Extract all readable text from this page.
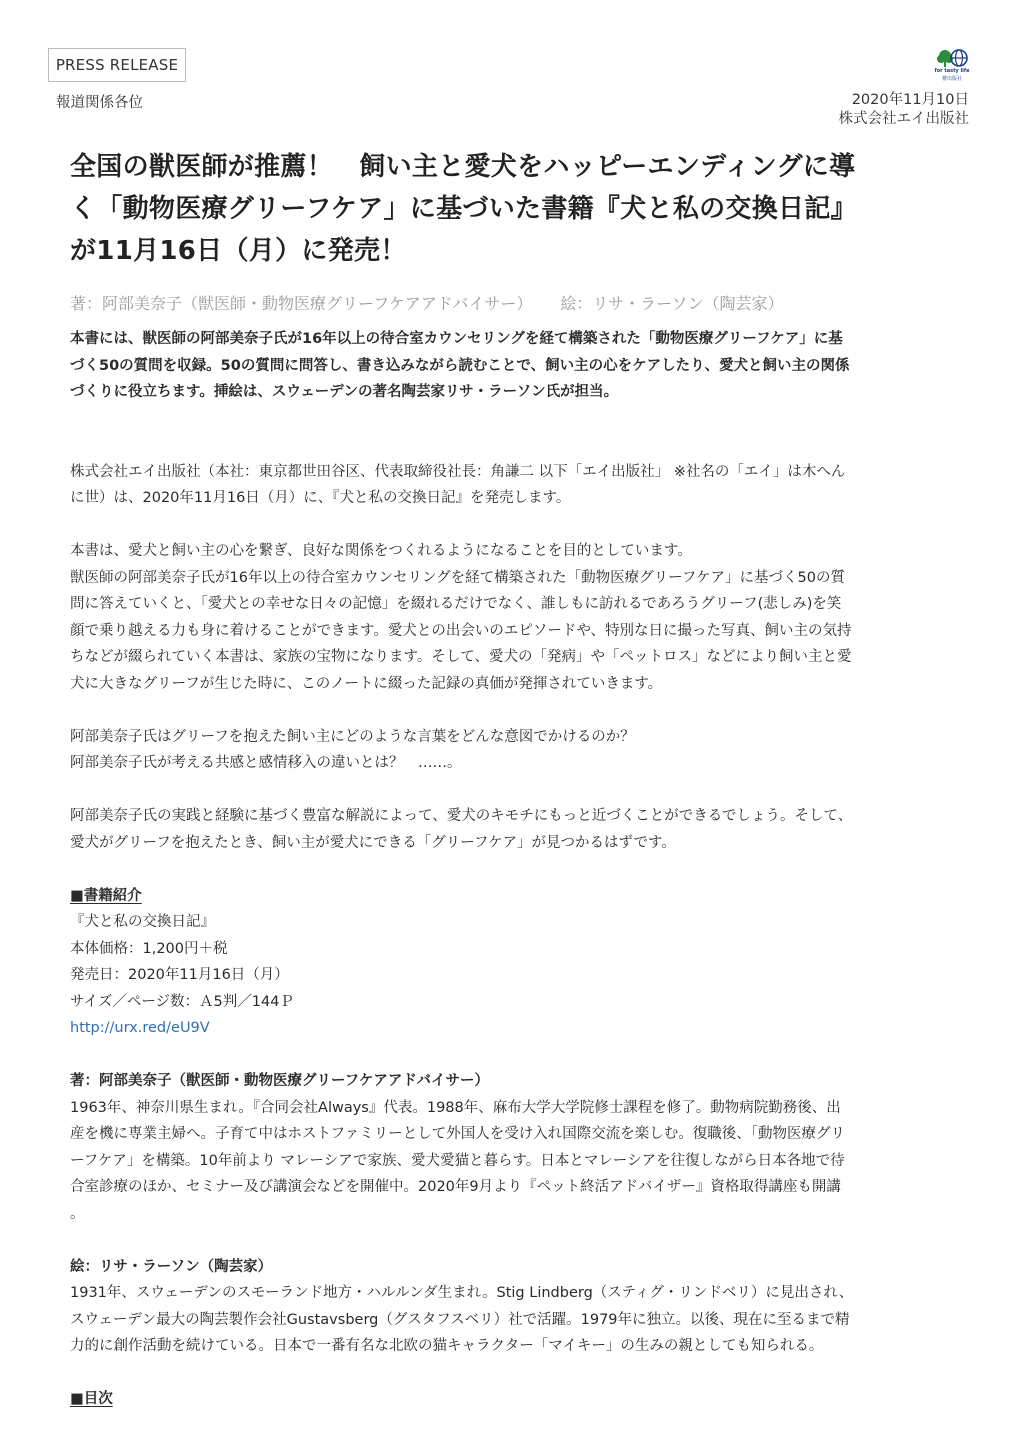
PRESS RELEASE
報道関係各位
for tasty life
枻出版社
2020年11月10日
株式会社エイ出版社
全国の獣医師が推薦！　飼い主と愛犬をハッピーエンディングに導
く「動物医療グリーフケア」に基づいた書籍『犬と私の交換日記』
が11月16日（月）に発売！
著：阿部美奈子（獣医師・動物医療グリーフケアアドバイサー） 絵：リサ・ラーソン（陶芸家）

本書には、獣医師の阿部美奈子氏が16年以上の待合室カウンセリングを経て構築された「動物医療グリーフケア」に基
づく50の質問を収録。50の質問に問答し、書き込みながら読むことで、飼い主の心をケアしたり、愛犬と飼い主の関係
づくりに役立ちます。挿絵は、スウェーデンの著名陶芸家リサ・ラーソン氏が担当。

株式会社エイ出版社（本社：東京都世田谷区、代表取締役社長：角謙二 以下「エイ出版社」 ※社名の「エイ」は木へん
に世）は、2020年11月16日（月）に、『犬と私の交換日記』を発売します。

本書は、愛犬と飼い主の心を繋ぎ、良好な関係をつくれるようになることを目的としています。
獣医師の阿部美奈子氏が16年以上の待合室カウンセリングを経て構築された「動物医療グリーフケア」に基づく50の質
問に答えていくと、「愛犬との幸せな日々の記憶」を綴れるだけでなく、誰しもに訪れるであろうグリーフ(悲しみ)を笑
顔で乗り越える力も身に着けることができます。愛犬との出会いのエピソードや、特別な日に撮った写真、飼い主の気持
ちなどが綴られていく本書は、家族の宝物になります。そして、愛犬の「発病」や「ペットロス」などにより飼い主と愛
犬に大きなグリーフが生じた時に、このノートに綴った記録の真価が発揮されていきます。

阿部美奈子氏はグリーフを抱えた飼い主にどのような言葉をどんな意図でかけるのか？
阿部美奈子氏が考える共感と感情移入の違いとは？　……。

阿部美奈子氏の実践と経験に基づく豊富な解説によって、愛犬のキモチにもっと近づくことができるでしょう。そして、
愛犬がグリーフを抱えたとき、飼い主が愛犬にできる「グリーフケア」が見つかるはずです。

■書籍紹介
『犬と私の交換日記』
本体価格：1,200円＋税
発売日：2020年11月16日（月）
サイズ／ページ数：Ａ5判／144Ｐ
http://urx.red/eU9V

著：阿部美奈子（獣医師・動物医療グリーフケアアドバイサー）
1963年、神奈川県生まれ。『合同会社Always』代表。1988年、麻布大学大学院修士課程を修了。動物病院勤務後、出
産を機に専業主婦へ。子育て中はホストファミリーとして外国人を受け入れ国際交流を楽しむ。復職後、「動物医療グリ
ーフケア」を構築。10年前より マレーシアで家族、愛犬愛猫と暮らす。日本とマレーシアを往復しながら日本各地で待
合室診療のほか、セミナー及び講演会などを開催中。2020年9月より『ペット終活アドバイザー』資格取得講座も開講
。

絵：リサ・ラーソン（陶芸家）
1931年、スウェーデンのスモーランド地方・ハルルンダ生まれ。Stig Lindberg（スティグ・リンドベリ）に見出され、
スウェーデン最大の陶芸製作会社Gustavsberg（グスタフスベリ）社で活躍。1979年に独立。以後、現在に至るまで精
力的に創作活動を続けている。日本で一番有名な北欧の猫キャラクター「マイキー」の生みの親としても知られる。

■目次
